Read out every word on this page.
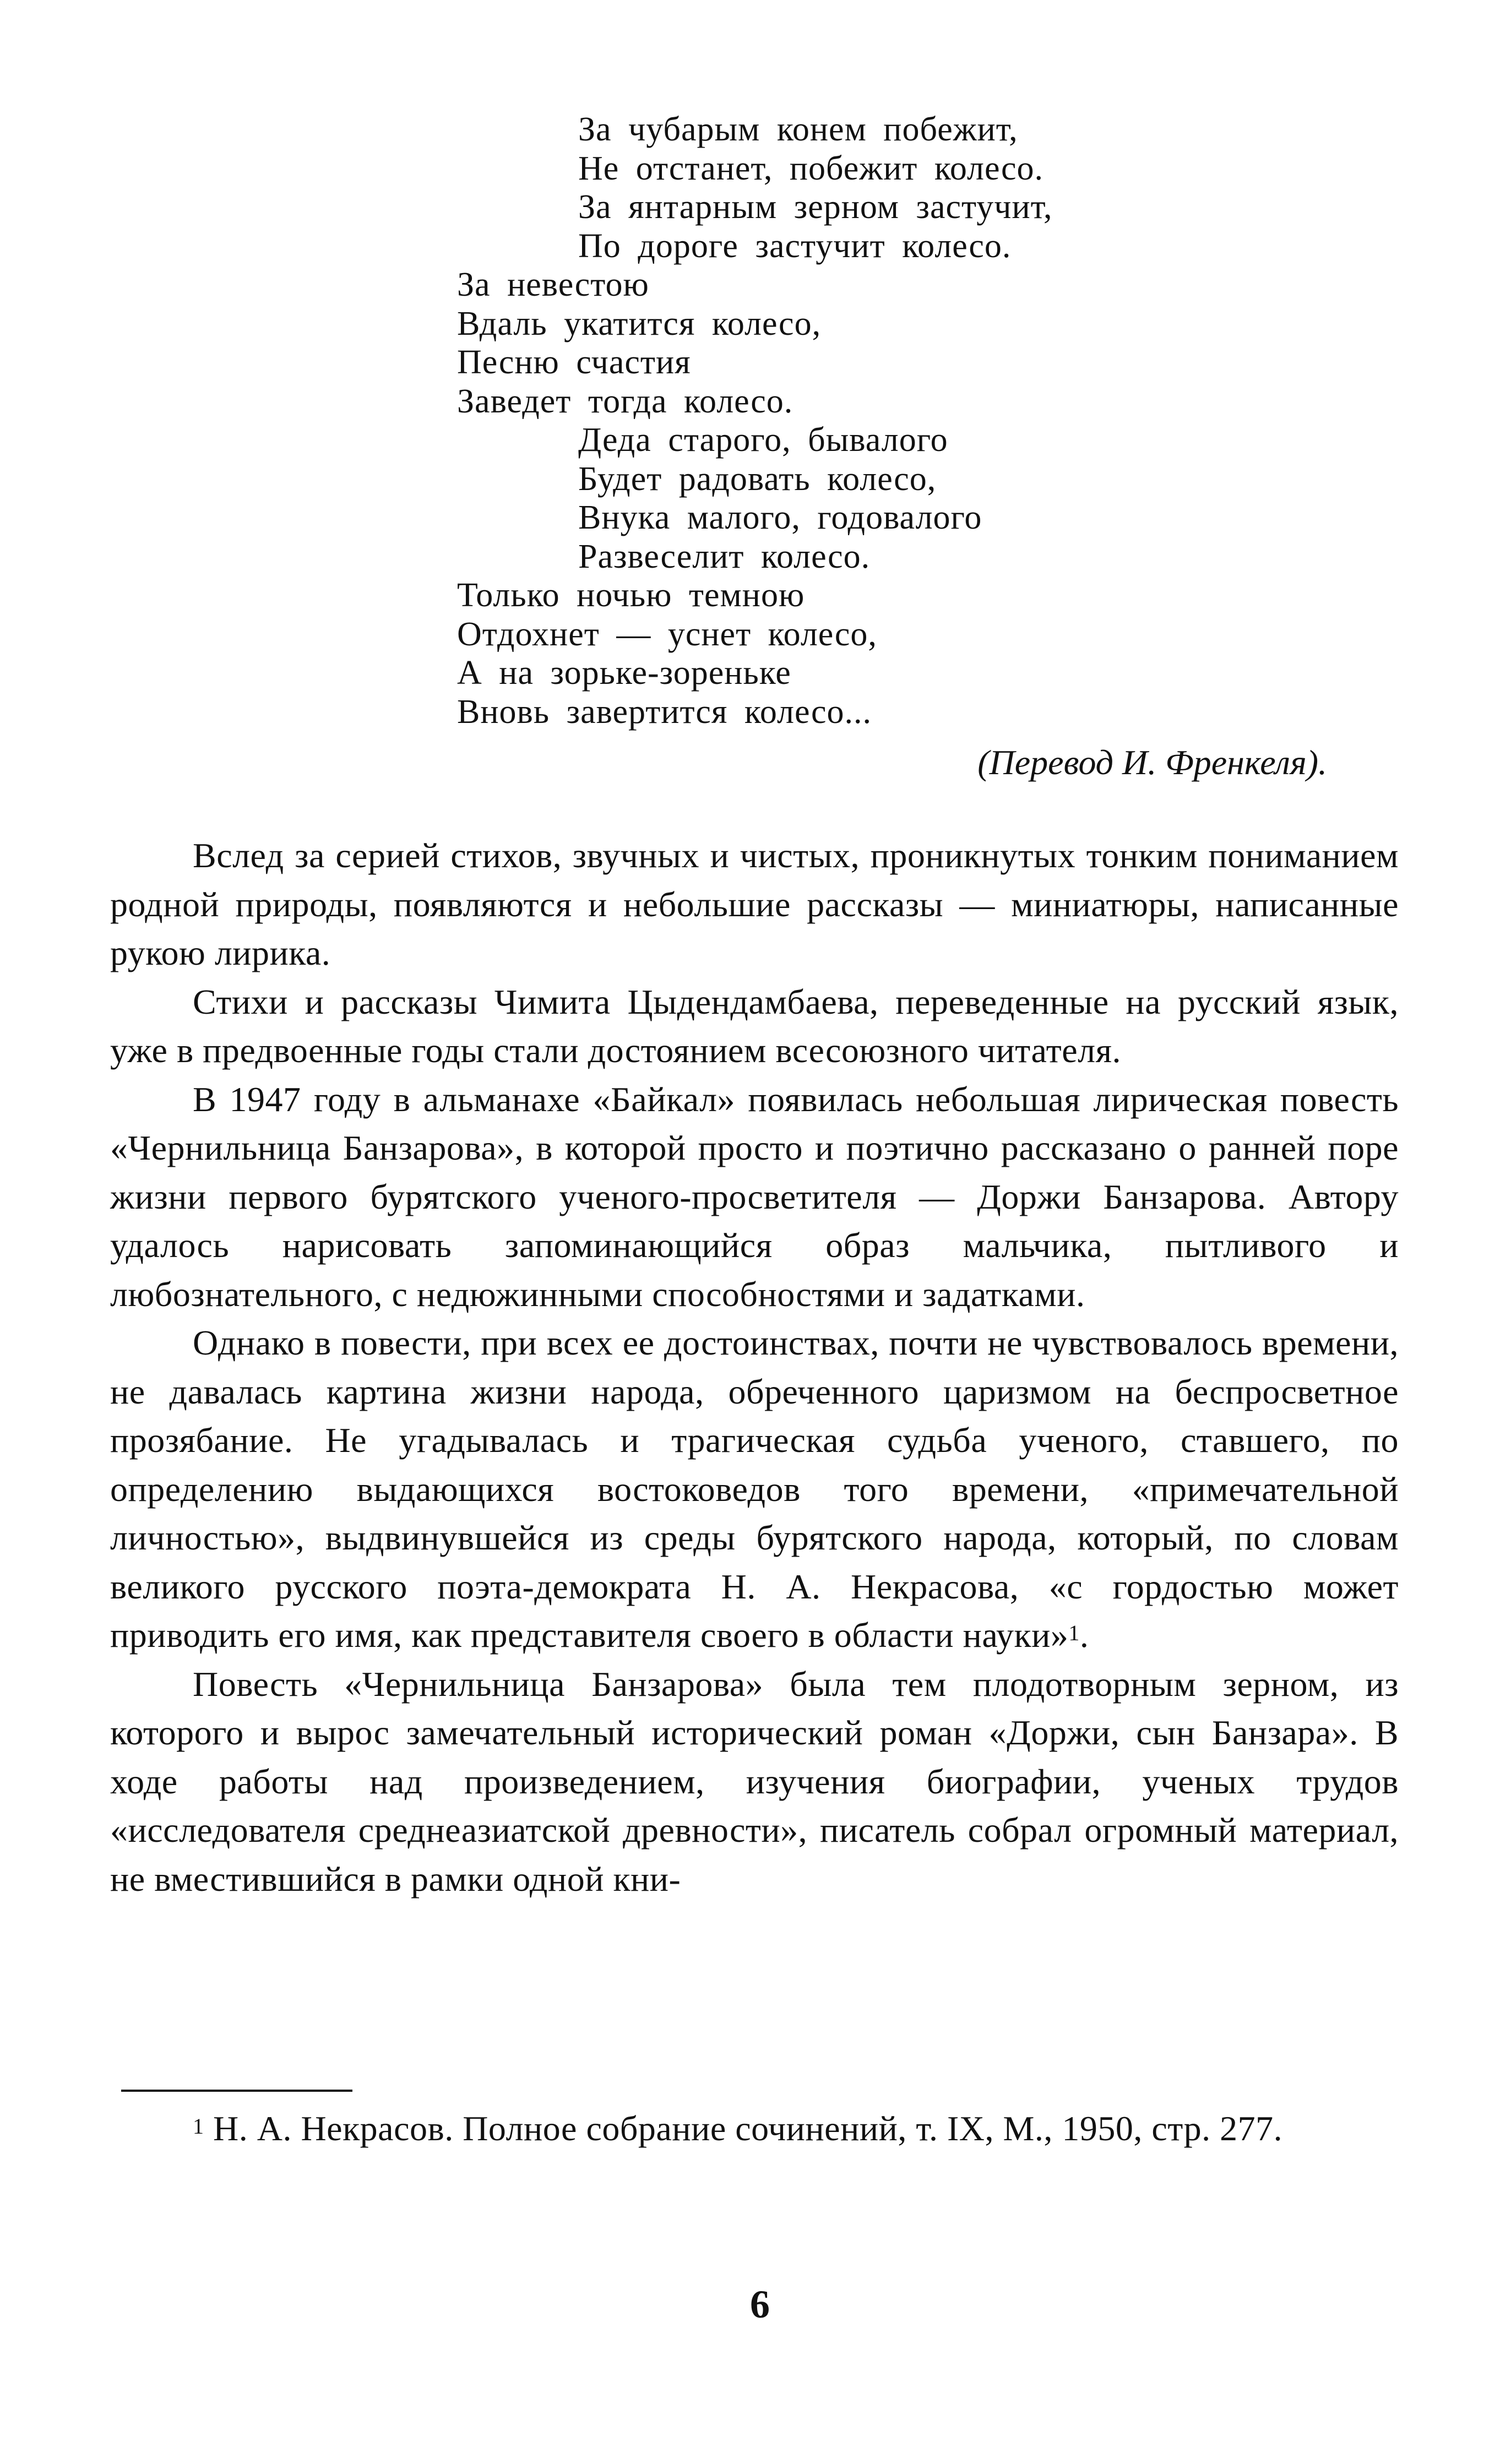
За чубарым конем побежит,
Не отстанет, побежит колесо.
За янтарным зерном застучит,
По дороге застучит колесо.
За невестою
Вдаль укатится колесо,
Песню счастия
Заведет тогда колесо.
Деда старого, бывалого
Будет радовать колесо,
Внука малого, годовалого
Развеселит колесо.
Только ночью темною
Отдохнет — уснет колесо,
А на зорьке-зореньке
Вновь завертится колесо...
(Перевод И. Френкеля).

Вслед за серией стихов, звучных и чистых, проникнутых тонким пониманием родной природы, появляются и небольшие рассказы — миниатюры, написанные рукою лирика.

Стихи и рассказы Чимита Цыдендамбаева, переведенные на русский язык, уже в предвоенные годы стали достоянием всесоюзного читателя.

В 1947 году в альманахе «Байкал» появилась небольшая лирическая повесть «Чернильница Банзарова», в которой просто и поэтично рассказано о ранней поре жизни первого бурятского ученого-просветителя — Доржи Банзарова. Автору удалось нарисовать запоминающийся образ мальчика, пытливого и любознательного, с недюжинными способностями и задатками.

Однако в повести, при всех ее достоинствах, почти не чувствовалось времени, не давалась картина жизни народа, обреченного царизмом на беспросветное прозябание. Не угадывалась и трагическая судьба ученого, ставшего, по определению выдающихся востоковедов того времени, «примечательной личностью», выдвинувшейся из среды бурятского народа, который, по словам великого русского поэта-демократа Н. А. Некрасова, «с гордостью может приводить его имя, как представителя своего в области науки»$^1$.

Повесть «Чернильница Банзарова» была тем плодотворным зерном, из которого и вырос замечательный исторический роман «Доржи, сын Банзара». В ходе работы над произведением, изучения биографии, ученых трудов «исследователя среднеазиатской древности», писатель собрал огромный материал, не вместившийся в рамки одной кни-

$^1$ Н. А. Некрасов. Полное собрание сочинений, т. IX, М., 1950, стр. 277.
6
